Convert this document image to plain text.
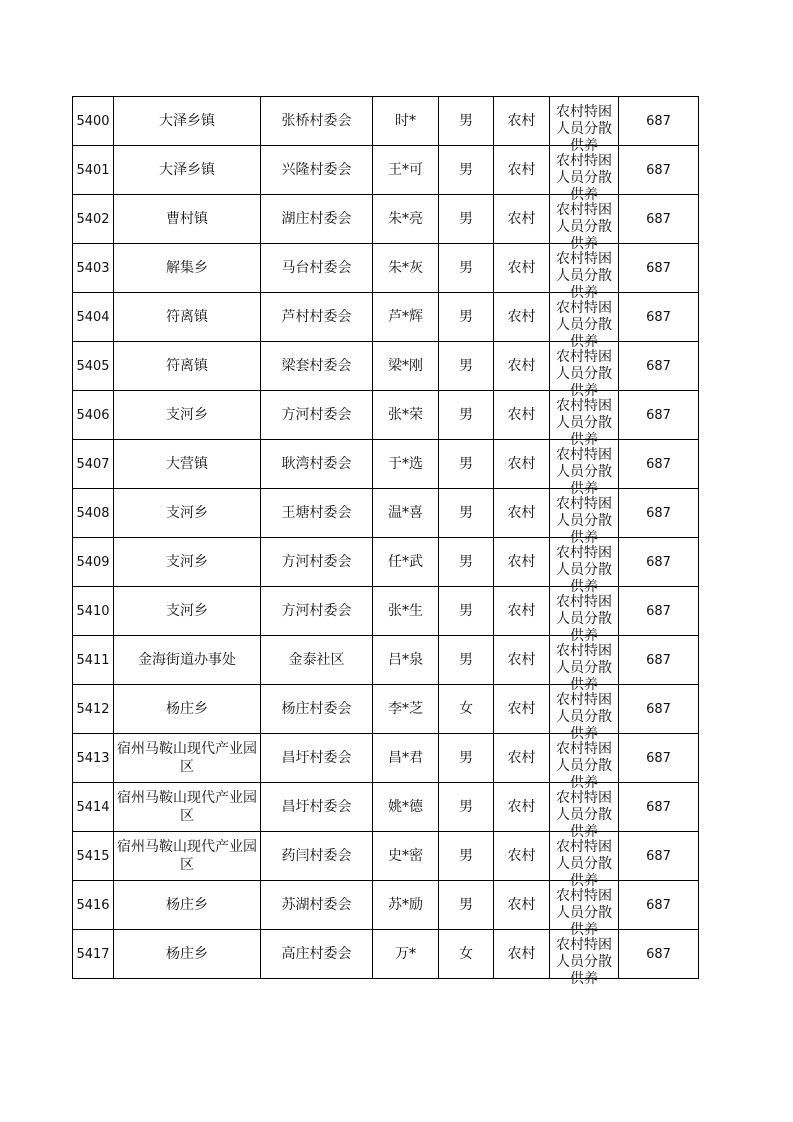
5400	大泽乡镇	张桥村委会	时*	男	农村	农村特困人员分散供养	687
5401	大泽乡镇	兴隆村委会	王*可	男	农村	农村特困人员分散供养	687
5402	曹村镇	湖庄村委会	朱*亮	男	农村	农村特困人员分散供养	687
5403	解集乡	马台村委会	朱*灰	男	农村	农村特困人员分散供养	687
5404	符离镇	芦村村委会	芦*辉	男	农村	农村特困人员分散供养	687
5405	符离镇	梁套村委会	梁*刚	男	农村	农村特困人员分散供养	687
5406	支河乡	方河村委会	张*荣	男	农村	农村特困人员分散供养	687
5407	大营镇	耿湾村委会	于*选	男	农村	农村特困人员分散供养	687
5408	支河乡	王塘村委会	温*喜	男	农村	农村特困人员分散供养	687
5409	支河乡	方河村委会	任*武	男	农村	农村特困人员分散供养	687
5410	支河乡	方河村委会	张*生	男	农村	农村特困人员分散供养	687
5411	金海街道办事处	金泰社区	吕*泉	男	农村	农村特困人员分散供养	687
5412	杨庄乡	杨庄村委会	李*芝	女	农村	农村特困人员分散供养	687
5413	宿州马鞍山现代产业园区	昌圩村委会	昌*君	男	农村	农村特困人员分散供养	687
5414	宿州马鞍山现代产业园区	昌圩村委会	姚*德	男	农村	农村特困人员分散供养	687
5415	宿州马鞍山现代产业园区	药闫村委会	史*密	男	农村	农村特困人员分散供养	687
5416	杨庄乡	苏湖村委会	苏*励	男	农村	农村特困人员分散供养	687
5417	杨庄乡	高庄村委会	万*	女	农村	农村特困人员分散供养	687
